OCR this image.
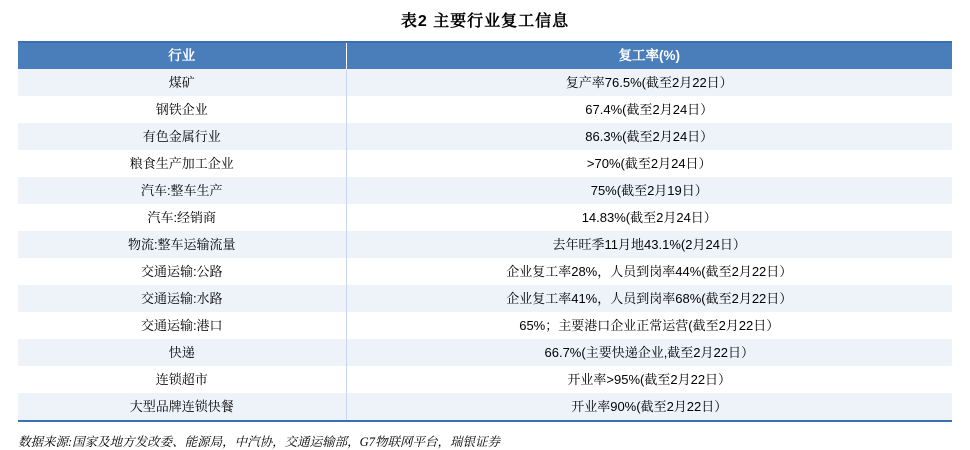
表2 主要行业复工信息
行业	复工率(%)
煤矿	复产率76.5%(截至2月22日）
钢铁企业	67.4%(截至2月24日）
有色金属行业	86.3%(截至2月24日）
粮食生产加工企业	>70%(截至2月24日）
汽车:整车生产	75%(截至2月19日）
汽车:经销商	14.83%(截至2月24日）
物流:整车运输流量	去年旺季11月地43.1%(2月24日）
交通运输:公路	企业复工率28%，人员到岗率44%(截至2月22日）
交通运输:水路	企业复工率41%，人员到岗率68%(截至2月22日）
交通运输:港口	65%；主要港口企业正常运营(截至2月22日）
快递	66.7%(主要快递企业,截至2月22日）
连锁超市	开业率>95%(截至2月22日）
大型品牌连锁快餐	开业率90%(截至2月22日）
数据来源:国家及地方发改委、能源局，中汽协，交通运输部，G7物联网平台，瑞银证券
